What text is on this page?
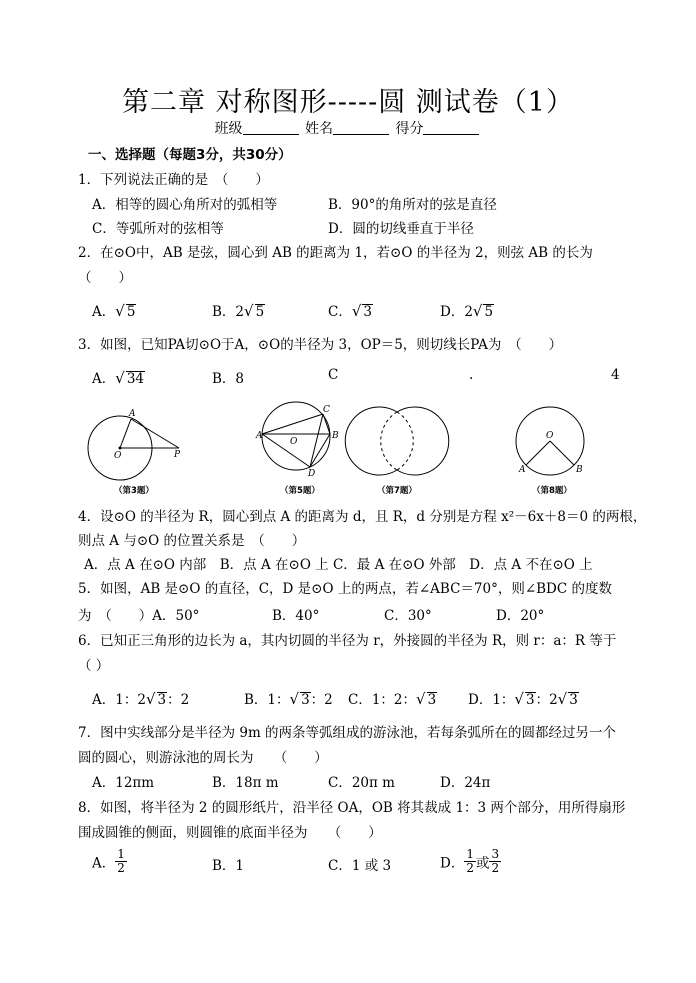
第二章 对称图形-----圆 测试卷（1）
班级	姓名	得分
一、选择题（每题3分，共30分）
1．下列说法正确的是　（　　）
A．相等的圆心角所对的弧相等	B．90°的角所对的弦是直径
C．等弧所对的弦相等	D．圆的切线垂直于半径
2．在⊙O中，AB 是弦，圆心到 AB 的距离为 1，若⊙O 的半径为 2，则弦 AB 的长为
（　　）
A．√ 5	B．2√ 5	C．√ 3	D．2√ 5
3．如图，已知PA切⊙O于A，⊙O的半径为 3，OP＝5，则切线长PA为　（　　）
A．√ 34	B．8	C	.	4
A
O	P
A
O
C
B
D
O
A	B
（第3题）	（第5题）	（第7题）	（第8题）
4．设⊙O 的半径为 R，圆心到点 A 的距离为 d，且 R，d 分别是方程 x²－6x＋8＝0 的两根，
则点 A 与⊙O 的位置关系是　（　　）
A．点 A 在⊙O 内部　B．点 A 在⊙O 上 C．最 A 在⊙O 外部　D．点 A 不在⊙O 上
5．如图，AB 是⊙O 的直径，C，D 是⊙O 上的两点，若∠ABC＝70°，则∠BDC 的度数
为　（　　）A．50°	B．40°	C．30°	D．20°
6．已知正三角形的边长为 a，其内切圆的半径为 r，外接圆的半径为 R，则 r：a：R 等于
（ ）
A．1：2√ 3：2	B．1：√ 3：2 C．1：2：√ 3 D．1：√ 3：2√ 3
7．图中实线部分是半径为 9m 的两条等弧组成的游泳池，若每条弧所在的圆都经过另一个
圆的圆心，则游泳池的周长为　　（　　）
A．12πm	B．18π m	C．20π m	D．24π
8．如图，将半径为 2 的圆形纸片，沿半径 OA，OB 将其裁成 1：3 两个部分，用所得扇形
围成圆锥的侧面，则圆锥的底面半径为　　（　　）
A． $\frac{1}{2}$	B．1	C．1 或 3	D． $\frac{1}{2}$ 或 $\frac{3}{2}$
